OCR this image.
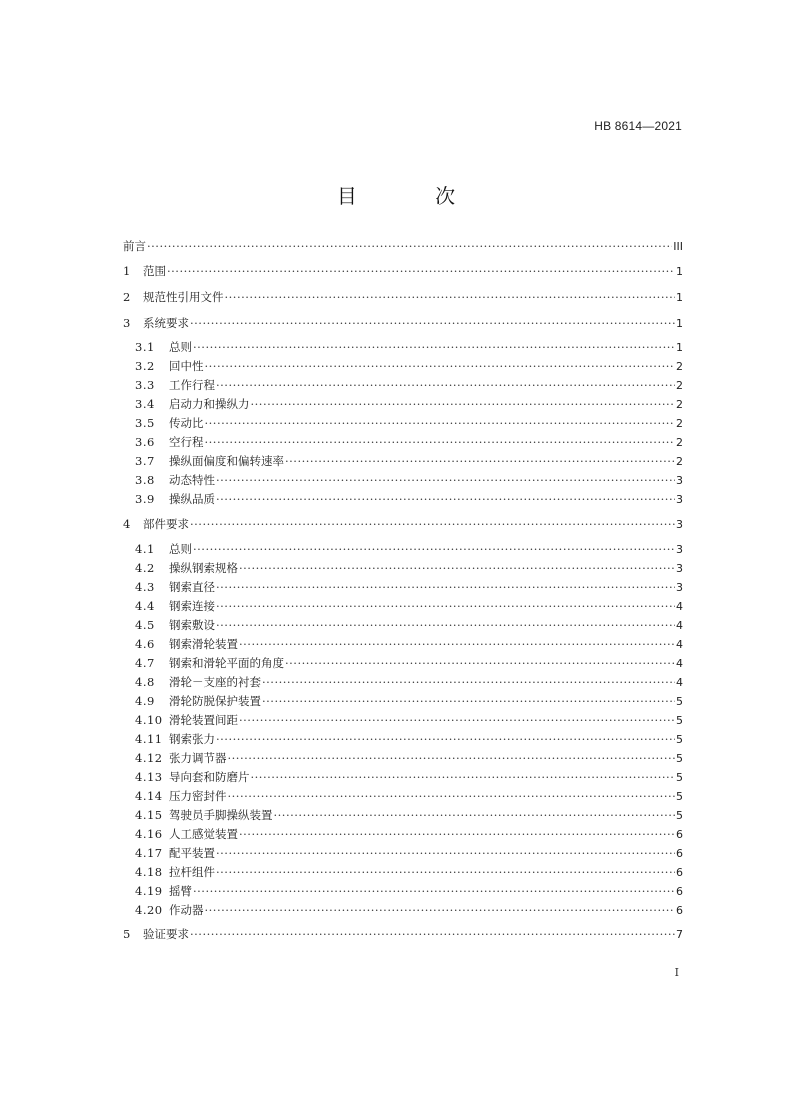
HB 8614—2021
目 次
前言 ·····	III
1	范围 ·····	1
2	规范性引用文件 ·····	1
3	系统要求 ·····	1
3.1	总则 ·····	1
3.2	回中性 ·····	2
3.3	工作行程 ·····	2
3.4	启动力和操纵力 ·····	2
3.5	传动比 ·····	2
3.6	空行程 ·····	2
3.7	操纵面偏度和偏转速率 ·····	2
3.8	动态特性 ·····	3
3.9	操纵品质 ·····	3
4	部件要求 ·····	3
4.1	总则 ·····	3
4.2	操纵钢索规格 ·····	3
4.3	钢索直径 ·····	3
4.4	钢索连接 ·····	4
4.5	钢索敷设 ·····	4
4.6	钢索滑轮装置 ·····	4
4.7	钢索和滑轮平面的角度 ·····	4
4.8	滑轮－支座的衬套 ·····	4
4.9	滑轮防脱保护装置 ·····	5
4.10 滑轮装置间距 ·····	5
4.11 钢索张力 ·····	5
4.12 张力调节器 ·····	5
4.13 导向套和防磨片 ·····	5
4.14 压力密封件 ·····	5
4.15 驾驶员手脚操纵装置 ·····	5
4.16 人工感觉装置 ·····	6
4.17 配平装置 ·····	6
4.18 拉杆组件 ·····	6
4.19 摇臂 ·····	6
4.20 作动器 ·····	6
5	验证要求 ·····	7
I
